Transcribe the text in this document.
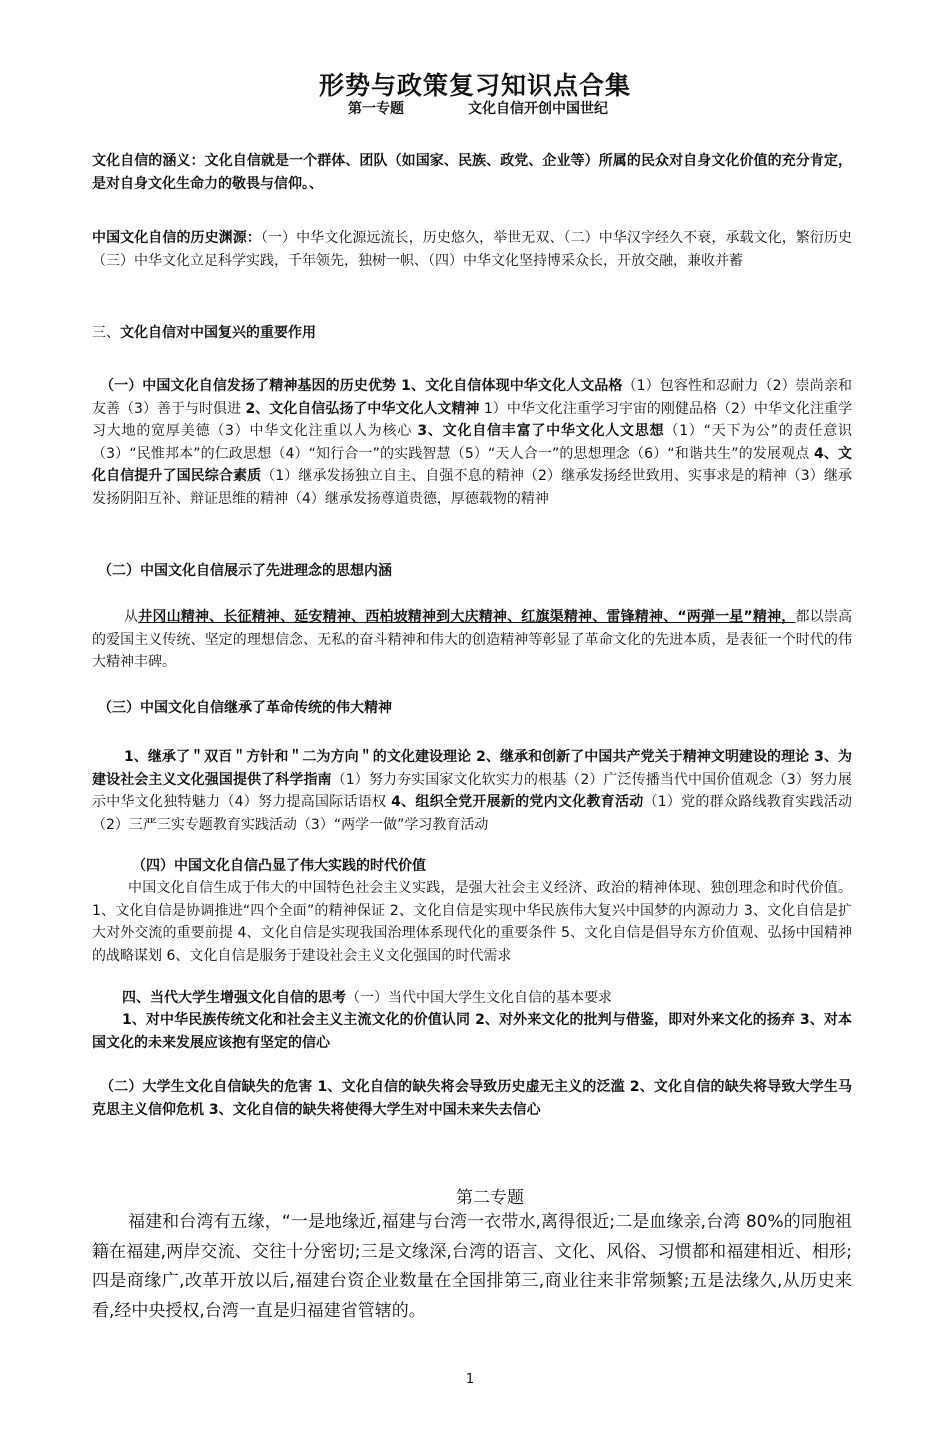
形势与政策复习知识点合集
第一专题	文化自信开创中国世纪
文化自信的涵义：文化自信就是一个群体、团队（如国家、民族、政党、企业等）所属的民众对自身文化价值的充分肯定，是对自身文化生命力的敬畏与信仰。、
中国文化自信的历史渊源：（一）中华文化源远流长，历史悠久，举世无双、（二）中华汉字经久不衰，承载文化，繁衍历史（三）中华文化立足科学实践，千年领先，独树一帜、（四）中华文化坚持博采众长，开放交融，兼收并蓄
三、文化自信对中国复兴的重要作用
（一）中国文化自信发扬了精神基因的历史优势 1、文化自信体现中华文化人文品格（1）包容性和忍耐力（2）崇尚亲和友善（3）善于与时俱进 2、文化自信弘扬了中华文化人文精神 1）中华文化注重学习宇宙的刚健品格（2）中华文化注重学习大地的宽厚美德（3）中华文化注重以人为核心 3、文化自信丰富了中华文化人文思想（1）“天下为公”的责任意识（3）“民惟邦本”的仁政思想（4）“知行合一”的实践智慧（5）“天人合一”的思想理念（6）“和谐共生”的发展观点 4、文化自信提升了国民综合素质（1）继承发扬独立自主、自强不息的精神（2）继承发扬经世致用、实事求是的精神（3）继承发扬阴阳互补、辩证思维的精神（4）继承发扬尊道贵德，厚德载物的精神
（二）中国文化自信展示了先进理念的思想内涵
从井冈山精神、长征精神、延安精神、西柏坡精神到大庆精神、红旗渠精神、雷锋精神、“两弹一星”精神，都以崇高的爱国主义传统、坚定的理想信念、无私的奋斗精神和伟大的创造精神等彰显了革命文化的先进本质，是表征一个时代的伟大精神丰碑。
（三）中国文化自信继承了革命传统的伟大精神
1、继承了＂双百＂方针和＂二为方向＂的文化建设理论 2、继承和创新了中国共产党关于精神文明建设的理论 3、为建设社会主义文化强国提供了科学指南（1）努力夯实国家文化软实力的根基（2）广泛传播当代中国价值观念（3）努力展示中华文化独特魅力（4）努力提高国际话语权 4、组织全党开展新的党内文化教育活动（1）党的群众路线教育实践活动（2）三严三实专题教育实践活动（3）“两学一做”学习教育活动
（四）中国文化自信凸显了伟大实践的时代价值
中国文化自信生成于伟大的中国特色社会主义实践，是强大社会主义经济、政治的精神体现、独创理念和时代价值。1、文化自信是协调推进“四个全面”的精神保证 2、文化自信是实现中华民族伟大复兴中国梦的内源动力 3、文化自信是扩大对外交流的重要前提 4、文化自信是实现我国治理体系现代化的重要条件 5、文化自信是倡导东方价值观、弘扬中国精神的战略谋划 6、文化自信是服务于建设社会主义文化强国的时代需求
四、当代大学生增强文化自信的思考（一）当代中国大学生文化自信的基本要求
1、对中华民族传统文化和社会主义主流文化的价值认同 2、对外来文化的批判与借鉴，即对外来文化的扬弃 3、对本国文化的未来发展应该抱有坚定的信心
（二）大学生文化自信缺失的危害 1、文化自信的缺失将会导致历史虚无主义的泛滥 2、文化自信的缺失将导致大学生马克思主义信仰危机 3、文化自信的缺失将使得大学生对中国未来失去信心
第二专题
福建和台湾有五缘，“一是地缘近,福建与台湾一衣带水,离得很近;二是血缘亲,台湾 80%的同胞祖籍在福建,两岸交流、交往十分密切;三是文缘深,台湾的语言、文化、风俗、习惯都和福建相近、相形;四是商缘广,改革开放以后,福建台资企业数量在全国排第三,商业往来非常频繁;五是法缘久,从历史来看,经中央授权,台湾一直是归福建省管辖的。
1
